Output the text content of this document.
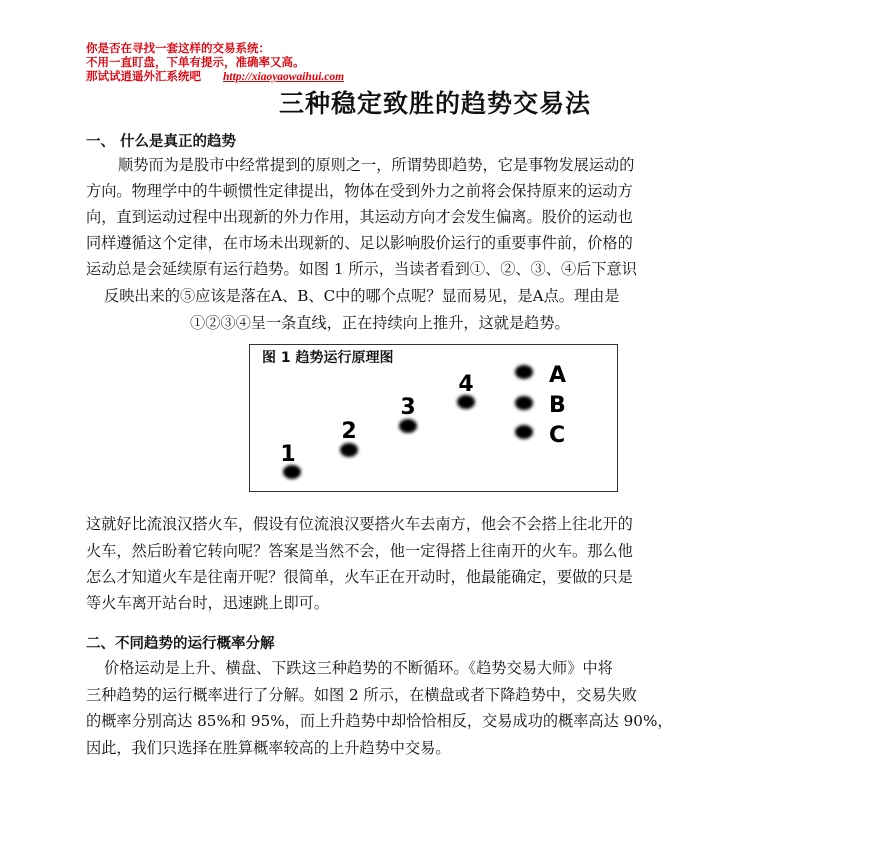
你是否在寻找一套这样的交易系统：
不用一直盯盘，下单有提示，准确率又高。
那试试逍遥外汇系统吧 http://xiaoyaowaihui.com
三种稳定致胜的趋势交易法
一、 什么是真正的趋势
顺势而为是股市中经常提到的原则之一，所谓势即趋势，它是事物发展运动的
方向。物理学中的牛顿惯性定律提出，物体在受到外力之前将会保持原来的运动方
向，直到运动过程中出现新的外力作用，其运动方向才会发生偏离。股价的运动也
同样遵循这个定律，在市场未出现新的、足以影响股价运行的重要事件前，价格的
运动总是会延续原有运行趋势。如图 1 所示，当读者看到①、②、③、④后下意识
反映出来的⑤应该是落在A、B、C中的哪个点呢？显而易见，是A点。理由是
①②③④呈一条直线，正在持续向上推升，这就是趋势。
图 1 趋势运行原理图
1
2
3
4	A
B
C
这就好比流浪汉搭火车，假设有位流浪汉要搭火车去南方，他会不会搭上往北开的
火车，然后盼着它转向呢？答案是当然不会，他一定得搭上往南开的火车。那么他
怎么才知道火车是往南开呢？很简单，火车正在开动时，他最能确定，要做的只是
等火车离开站台时，迅速跳上即可。
二、不同趋势的运行概率分解
价格运动是上升、横盘、下跌这三种趋势的不断循环。《趋势交易大师》中将
三种趋势的运行概率进行了分解。如图 2 所示，在横盘或者下降趋势中，交易失败
的概率分别高达 85%和 95%，而上升趋势中却恰恰相反，交易成功的概率高达 90%，
因此，我们只选择在胜算概率较高的上升趋势中交易。
